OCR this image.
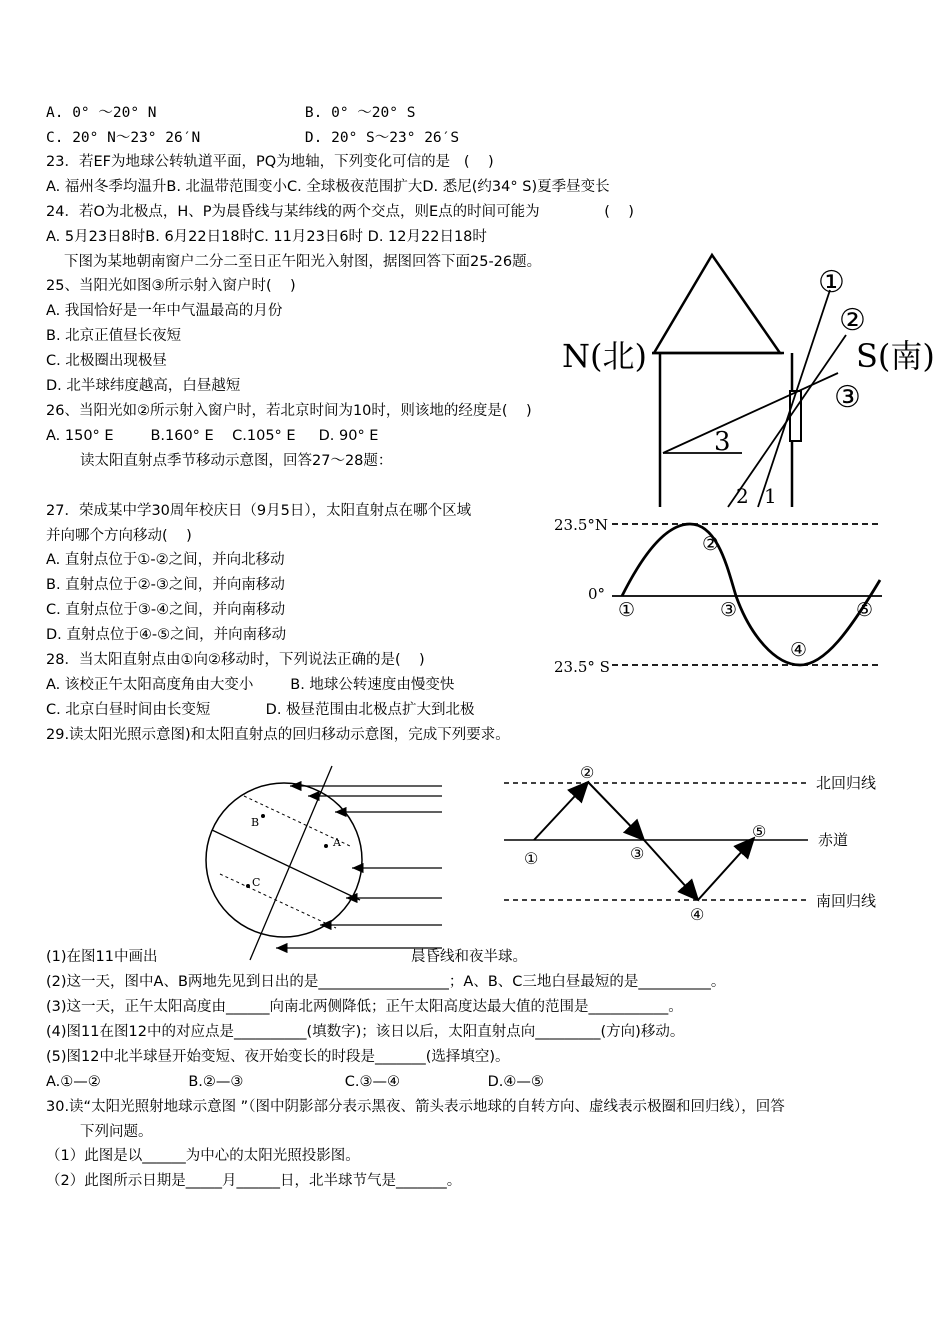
A. 0° ～20° N                 B. 0° ～20° S
C. 20° N～23° 26′N            D. 20° S～23° 26′S
23．若EF为地球公转轨道平面，PQ为地轴，下列变化可信的是   (    )
A. 福州冬季均温升B. 北温带范围变小C. 全球极夜范围扩大D. 悉尼(约34° S)夏季昼变长
24．若O为北极点，H、P为晨昏线与某纬线的两个交点，则E点的时间可能为              (    )
A. 5月23日8时B. 6月22日18时C. 11月23日6时 D. 12月22日18时
下图为某地朝南窗户二分二至日正午阳光入射图，据图回答下面25-26题。
25、当阳光如图③所示射入窗户时(    )
A. 我国恰好是一年中气温最高的月份
B. 北京正值昼长夜短
C. 北极圈出现极昼
D. 北半球纬度越高，白昼越短
26、当阳光如②所示射入窗户时，若北京时间为10时，则该地的经度是(    )
A. 150° E        B.160° E    C.105° E     D. 90° E
读太阳直射点季节移动示意图，回答27～28题：
27．荣成某中学30周年校庆日（9月5日），太阳直射点在哪个区域
并向哪个方向移动(    )
A. 直射点位于①-②之间，并向北移动
B. 直射点位于②-③之间，并向南移动
C. 直射点位于③-④之间，并向南移动
D. 直射点位于④-⑤之间，并向南移动
28．当太阳直射点由①向②移动时，下列说法正确的是(    )
A. 该校正午太阳高度角由大变小        B. 地球公转速度由慢变快
C. 北京白昼时间由长变短            D. 极昼范围由北极点扩大到北极
29.读太阳光照示意图)和太阳直射点的回归移动示意图，完成下列要求。
(1)在图11中画出                                                       晨昏线和夜半球。
(2)这一天，图中A、B两地先见到日出的是__________________；A、B、C三地白昼最短的是__________。
(3)这一天，正午太阳高度由______向南北两侧降低；正午太阳高度达最大值的范围是___________。
(4)图11在图12中的对应点是__________(填数字)；该日以后，太阳直射点向_________(方向)移动。
(5)图12中北半球昼开始变短、夜开始变长的时段是_______(选择填空)。
A.①—②                   B.②—③                      C.③—④                   D.④—⑤
30.读“太阳光照射地球示意图 ”（图中阴影部分表示黑夜、箭头表示地球的自转方向、虚线表示极圈和回归线），回答
下列问题。
（1）此图是以______为中心的太阳光照投影图。
（2）此图所示日期是_____月______日，北半球节气是_______。
N(北)	S(南)
①
②
③
3
2 1
23.5°N
0°
23.5° S
①
②
③
④
⑤
A
B
C
北回归线
赤道
南回归线
①
②
③
④
⑤
